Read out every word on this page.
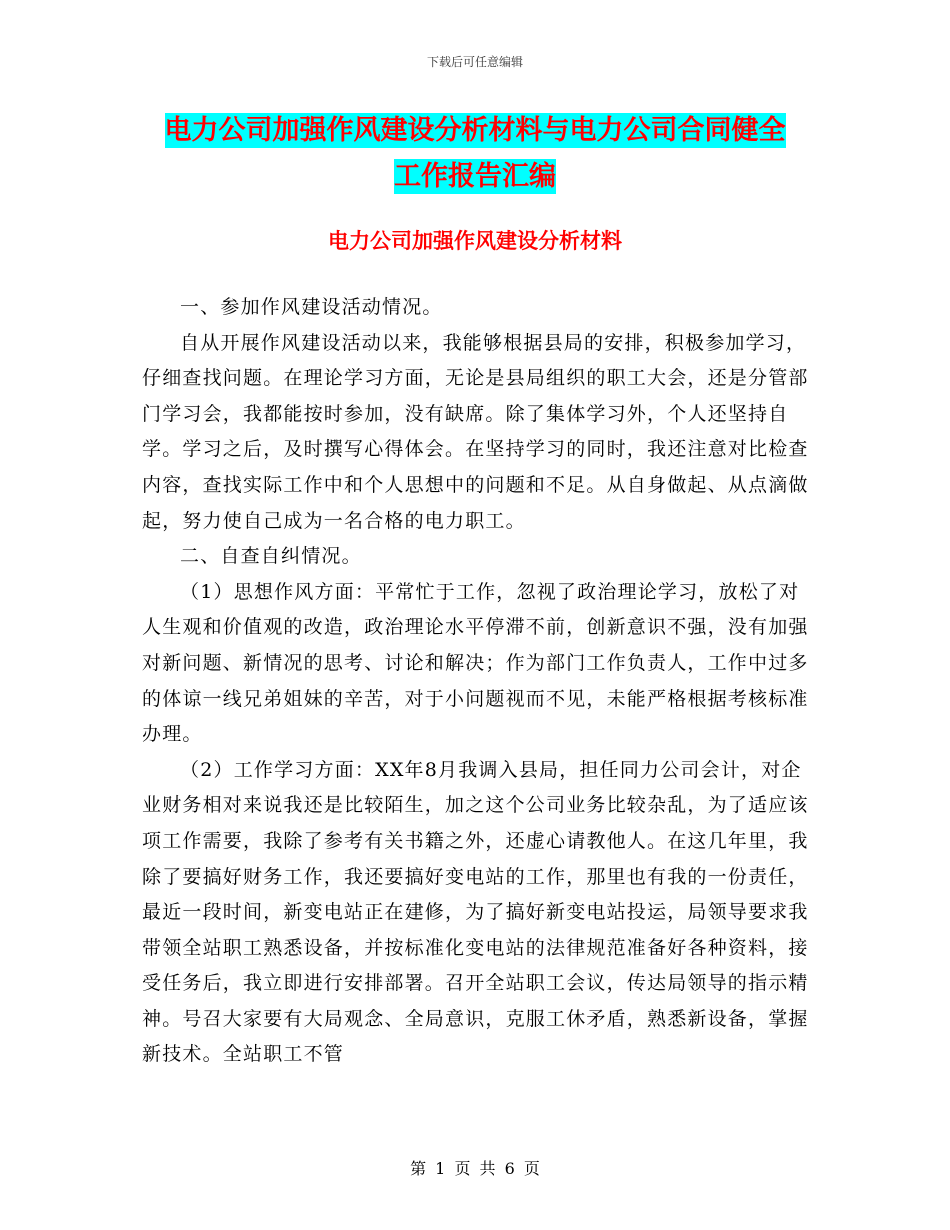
下载后可任意编辑
电力公司加强作风建设分析材料与电力公司合同健全
工作报告汇编
电力公司加强作风建设分析材料

一、参加作风建设活动情况。

自从开展作风建设活动以来，我能够根据县局的安排，积极参加学习，仔细查找问题。在理论学习方面，无论是县局组织的职工大会，还是分管部门学习会，我都能按时参加，没有缺席。除了集体学习外，个人还坚持自学。学习之后，及时撰写心得体会。在坚持学习的同时，我还注意对比检查内容，查找实际工作中和个人思想中的问题和不足。从自身做起、从点滴做起，努力使自己成为一名合格的电力职工。

二、自查自纠情况。

（1）思想作风方面：平常忙于工作，忽视了政治理论学习，放松了对人生观和价值观的改造，政治理论水平停滞不前，创新意识不强，没有加强对新问题、新情况的思考、讨论和解决；作为部门工作负责人，工作中过多的体谅一线兄弟姐妹的辛苦，对于小问题视而不见，未能严格根据考核标准办理。

（2）工作学习方面：XX年8月我调入县局，担任同力公司会计，对企业财务相对来说我还是比较陌生，加之这个公司业务比较杂乱，为了适应该项工作需要，我除了参考有关书籍之外，还虚心请教他人。在这几年里，我除了要搞好财务工作，我还要搞好变电站的工作，那里也有我的一份责任，最近一段时间，新变电站正在建修，为了搞好新变电站投运，局领导要求我带领全站职工熟悉设备，并按标准化变电站的法律规范准备好各种资料，接受任务后，我立即进行安排部署。召开全站职工会议，传达局领导的指示精神。号召大家要有大局观念、全局意识，克服工休矛盾，熟悉新设备，掌握新技术。全站职工不管

第 1 页 共 6 页
